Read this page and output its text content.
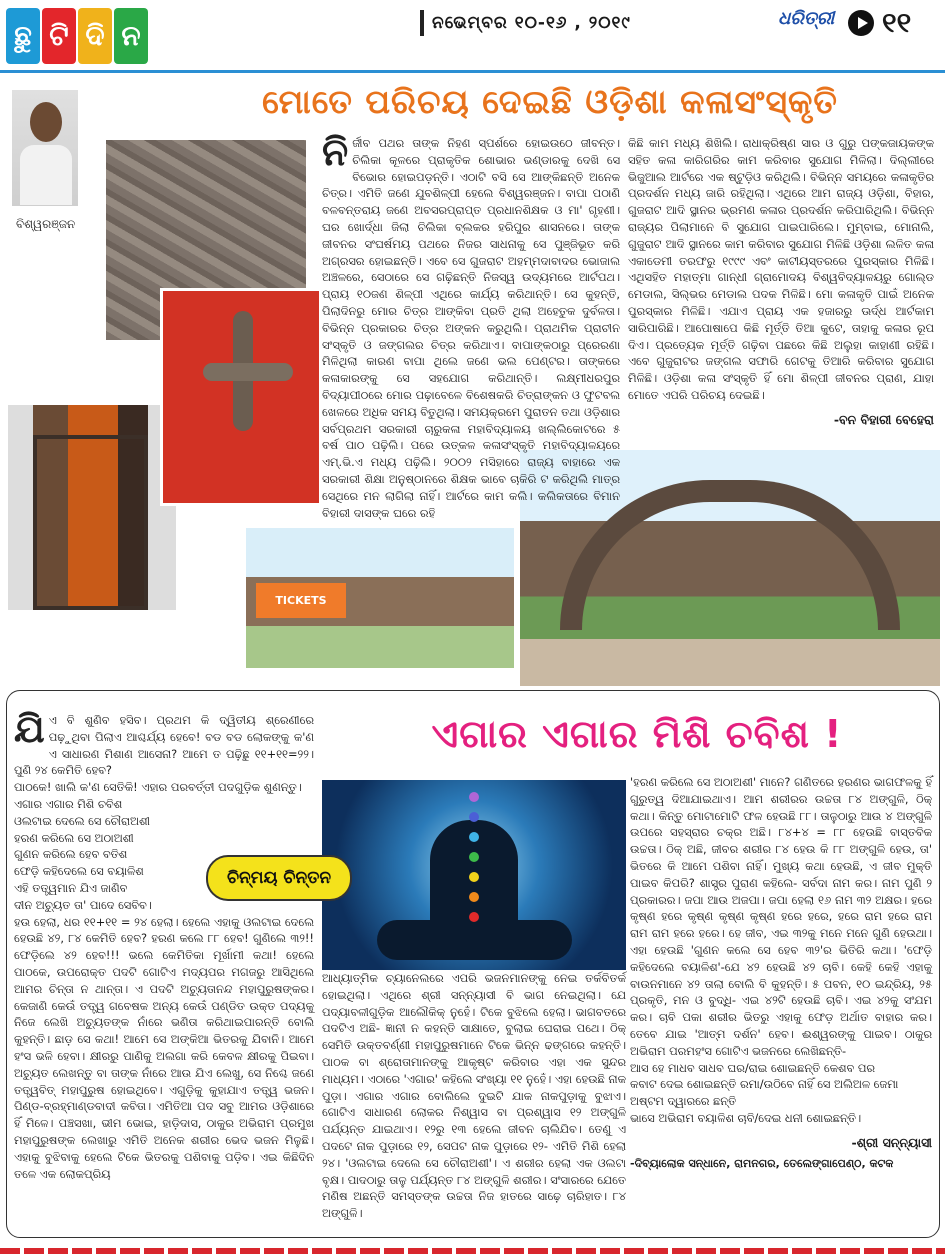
ଛୁ ଟି ଦି ନ	ନଭେମ୍ବର ୧୦-୧୬ , ୨୦୧୯	ଧରିତ୍ରୀ ୧୧
ମୋତେ ପରିଚୟ ଦେଇଛି ଓଡ଼ିଶା କଳାସଂସ୍କୃତି
ବିଶ୍ୱରଞ୍ଜନ
TICKETS
ନିର୍ଜୀବ ପଥର ତାଙ୍କ ନିହଣ ସ୍ପର୍ଶରେ ହୋଇଉଠେ ଜୀବନ୍ତ। ଚିଲିକା କୂଳରେ ପ୍ରାକୃତିକ ଶୋଭାର ଭଣ୍ଡାରକୁ ଦେଖି ସେ ବିଭୋର ହୋଇପଡ଼ନ୍ତି। ଏଠାଟି ବସି ସେ ଆଙ୍କିଛନ୍ତି ଅନେକ ଚିତ୍ର। ଏମିତି ଜଣେ ଯୁବଶିଳ୍ପୀ ହେଲେ ବିଶ୍ୱରଞ୍ଜନ। ବାପା ପଠାଣି ବଳବନ୍ତରାୟ ଜଣେ ଅବସରପ୍ରାପ୍ତ ପ୍ରଧାନଶିକ୍ଷକ ଓ ମା' ଗୃହଣୀ। ଘର ଖୋର୍ଦ୍ଧା ଜିଲା ଚିଲିକା ବ୍ଲକର ହରିପୁର ଶାସନରେ। ତାଙ୍କ ଜୀବନର ସଂଘର୍ଷମୟ ପଥରେ ନିଜର ସାଧନାକୁ ସେ ପୁଞ୍ଜିଭୂତ କରି ଅଗ୍ରସର ହୋଇଛନ୍ତି। ଏବେ ସେ ଗୁଜରାଟ ଅହମ୍ମଦାବାଦର ଭୋଜାଲ ଅଞ୍ଚଳରେ, ସେଠାରେ ସେ ଗଢ଼ିଛନ୍ତି ନିଜସ୍ୱ ଉଦ୍ୟମରେ ଆର୍ଟପଥ। ପ୍ରାୟ ୧୦ଜଣ ଶିଳ୍ପୀ ଏଥିରେ କାର୍ଯ୍ୟ କରିଥାନ୍ତି। ସେ କୁହନ୍ତି, ପିଲାଦିନରୁ ମୋର ଚିତ୍ର ଆଙ୍କିବା ପ୍ରତି ଥିଲା ଅହେତୁକ ଦୁର୍ବଳତା। ବିଭିନ୍ନ ପ୍ରକାରର ଚିତ୍ର ଅଙ୍କନ କରୁଥିଲି। ପ୍ରାଥମିକ ପ୍ରାଚୀନ ସଂସ୍କୃତି ଓ ଜଙ୍ଗଲର ଚିତ୍ର କରିଥାଏ। ବାପାଙ୍କଠାରୁ ପ୍ରେରଣା ମିଳିଥିଲା କାରଣ ବାପା ଥିଲେ ଜଣେ ଭଲ ପେଣ୍ଟର। ତାଙ୍କରେ କଳାକାରଙ୍କୁ ସେ ସହଯୋଗ କରିଥାନ୍ତି। ଲକ୍ଷ୍ମୀଧରପୁର ବିଦ୍ୟାପୀଠରେ ମୋର ପଢ଼ାବେଳେ ବିଶେଷକରି ଚିତ୍ରାଙ୍କନ ଓ ଫୁଟବଲ ଖେଳରେ ଅଧିକ ସମୟ ବିତୁଥିଲା। ସମୟକ୍ରମେ ପୁରାତନ ତଥା ଓଡ଼ିଶାର ସର୍ବପ୍ରଥମ ସରକାରୀ ଚାରୁକଳା ମହାବିଦ୍ୟାଳୟ ଖଲ୍ଲିକୋଟରେ ୫ ବର୍ଷ ପାଠ ପଢ଼ିଲି। ପରେ ଉତ୍କଳ କଳାସଂସ୍କୃତି ମହାବିଦ୍ୟାଳୟରେ ଏମ୍‌.ଭି.ଏ ମଧ୍ୟ ପଢ଼ିଲି। ୨୦୦୨ ମସିହାରେ ରାଜ୍ୟ ବାହାରେ ଏକ ସରକାରୀ ଶିକ୍ଷା ଅନୁଷ୍ଠାନରେ ଶିକ୍ଷକ ଭାବେ ଚାକିରି ଟ କରିଥିଲି ମାତ୍ର ସେଥିରେ ମନ ଲାଗିଲା ନାହିଁ। ଆର୍ଟରେ କାମ କଲି। କଲିକତାରେ ବିମାନ ବିହାରୀ ଦାସଙ୍କ ଘରେ ରହି
କିଛି କାମ ମଧ୍ୟ ଶିଖିଲି। ରାଧାକ୍ରିଷ୍ଣ ସାର ଓ ଗୁରୁ ପଙ୍କଜାୟକଙ୍କ ସହିତ କଳା କାରିଗରିର କାମ କରିବାର ସୁଯୋଗ ମିଳିଲା। ଦିଲ୍ଲୀରେ ଭିଜୁଆଲ ଆର୍ଟରେ ଏକ ଷ୍ଟୁଡ଼ିଓ କରିଥିଲି। ବିଭିନ୍ନ ସମୟରେ କଳାକୃତିର ପ୍ରଦର୍ଶନ ମଧ୍ୟ ଜାରି ରହିଥିଲା। ଏଥିରେ ଆମ ରାଜ୍ୟ ଓଡ଼ିଶା, ବିହାର, ଗୁଜରାଟ ଆଦି ସ୍ଥାନର ଭ୍ରମଣ କଳାର ପ୍ରଦର୍ଶନ କରିପାରିଥିଲି। ବିଭିନ୍ନ ରାଜ୍ୟର ପିଲାମାନେ ବି ସୁଯୋଗ ପାଇପାରିଲେ। ମୁମ୍ବାଇ, ମୋନାଲି, ଗୁଜୁରାଟ ଆଦି ସ୍ଥାନରେ କାମ କରିବାର ସୁଯୋଗ ମିଳିଛି ଓଡ଼ିଶା ଲଳିତ କଳା ଏକାଡେମୀ ତରଫରୁ ୧୯୯୯ ଏବଂ କାଟୀୟସ୍ତରରେ ପୁରସ୍କାର ମିଳିଛି। ଏଥିସହିତ ମହାତ୍ମା ଗାନ୍ଧୀ ଗ୍ରାମୋଦୟ ବିଶ୍ୱବିଦ୍ୟାଳୟରୁ ଗୋଲ୍ଡ ମେଡାଲ, ସିଲ୍ଭର ମେଡାଲ ପଦକ ମିଳିଛି। ମୋ କଳାକୃତି ପାଇଁ ଅନେକ ପୁରସ୍କାର ମିଳିଛି। ଏଯାଏ ପ୍ରାୟ ଏକ ହଜାରରୁ ଊର୍ଦ୍ଧ ଆର୍ଟକାମ ସାରିପାରିଛି। ଆପୋଷାପେ କିଛି ମୂର୍ତ୍ତି ତିଆ କୁଟେ, ତାହାକୁ କଳାର ରୂପ ଦିଏ। ପ୍ରତ୍ୟେକ ମୂର୍ତ୍ତି ଗଢ଼ିବା ପଛରେ କିଛି ଅଲୁହା କାହାଣୀ ରହିଛି। ଏବେ ଗୁଜୁରାଟର ଜଙ୍ଗଲ ସଫାରି ଗେଟକୁ ତିଆରି କରିବାର ସୁଯୋଗ ମିଳିଛି। ଓଡ଼ିଶା କଳା ସଂସ୍କୃତି ହିଁ ମୋ ଶିଳ୍ପୀ ଜୀବନର ପ୍ରାଣ, ଯାହା ମୋତେ ଏପରି ପରିଚୟ ଦେଇଛି।
-ବନ ବିହାରୀ ବେହେରା
ଏଗାର ଏଗାର ମିଶି ଚବିଶ !

ଯିଏ ବି ଶୁଣିବ ହସିବ। ପ୍ରଥମ କି ଦ୍ୱିତୀୟ ଶ୍ରେଣୀରେ ପଢ଼ୁଥିବା ପିଲାଏ ଆଶ୍ଚର୍ଯ୍ୟ ହେବେ! ବଡ ବଡ ଲୋକଙ୍କୁ କ'ଣ ଏ ସାଧାରଣ ମିଶାଣ ଆସେନା? ଆମେ ତ ପଢ଼ିଛୁ ୧୧+୧୧=୨୨। ପୁଣି ୨୪ କେମିତି ହେବ?

ପାଠକେ! ଖାଲି କ'ଣ ସେତିକି! ଏହାର ପରବର୍ତ୍ତୀ ପଦଗୁଡ଼ିକ ଶୁଣନ୍ତୁ।

ଏଗାର ଏଗାର ମିଶି ଚବିଶ

ଓଲଟାଇ ଦେଲେ ସେ ଚୌରାଅଶୀ

ହରଣ କରିଲେ ସେ ଅଠାଅଶୀ

ଗୁଣନ କରିଲେ ହେବ ବତିଶ

ଫେଡ଼ି କହିଦେଲେ ସେ ବୟାଳିଶ

ଏହି ତତ୍ତ୍ୱମାନ ଯିଏ ଜାଣିବ

ଦୀନ ଅଚ୍ୟୁତ ତା' ପାଦେ ସେବିବ।

ହଉ ହେଲା, ଧର ୧୧+୧୧ = ୨୪ ହେଲା। ହେଲେ ଏହାକୁ ଓଲଟାଇ ଦେଲେ ହେଉଛି ୪୨, ୮୪ କେମିତି ହେବ? ହରଣ କଲେ ୮୮ ହେବ! ଗୁଣିଲେ ୩୨!! ଫେଡ଼ିଲେ ୪୨ ହେବ!!! ଭଲେ କେମିତିକା ମୂର୍ଖାମୀ କଥା! ହେଲେ ପାଠକେ, ଉପରୋକ୍ତ ପଦଟି ଗୋଟିଏ ମଦ୍ୟପର ମଗଜରୁ ଆସିଥିଲେ ଆମର ଚିନ୍ତା ନ ଥାନ୍ତା। ଏ ପଦଟି ଅଚ୍ୟୁତାନନ୍ଦ ମହାପୁରୁଷଙ୍କର। କେଜାଣି କେଉଁ ତତ୍ତ୍ୱ ଗବେଷକ ଅନ୍ୟ କେଉଁ ପଣ୍ଡିତ ଉକ୍ତ ପଦ୍ୟକୁ ନିଜେ ଲେଖି ଅଚ୍ୟୁତଙ୍କ ନାଁରେ ଭଣିତା କରିଥାଇପାରନ୍ତି ବୋଲି କୁହନ୍ତି। ଛାଡ଼ ସେ କଥା! ଆମେ ସେ ଅଙ୍କିଆ ଭିତରକୁ ଯିବାନି। ଆମେ ହଂସ ଭଳି ହେବା। କ୍ଷୀରରୁ ପାଣିକୁ ଅଲଗା କରି କେବଳ କ୍ଷୀରକୁ ପିଇବା। ଅଚ୍ୟୁତ ଲେଖନ୍ତୁ ବା ତାଙ୍କ ନାଁରେ ଆଉ ଯିଏ ଲେଖୁ, ସେ ନିଶ୍ଚେ ଜଣେ ତତ୍ତ୍ୱବିତ୍ ମହାପୁରୁଷ ହୋଇଥିବେ। ଏଗୁଡ଼ିକୁ କୁହାଯାଏ ତତ୍ତ୍ୱ ଭଜନ। ପିଣ୍ଡ-ବ୍ରହ୍ମାଣ୍ଡବାଦୀ କବିତା। ଏମିତିଆ ପଦ ସବୁ ଆମର ଓଡ଼ିଶାରେ ହିଁ ମିଳେ। ପଞ୍ଚସଖା, ଭୀମ ଭୋଇ, ହାଡ଼ିଦାସ, ଠାକୁର ଅଭିରାମ ପ୍ରମୁଖ ମହାପୁରୁଷଙ୍କ ଲେଖାରୁ ଏମିତି ଅନେକ ଶରୀର ଭେଦ ଭଜନ ମିଳୁଛି। ଏହାକୁ ବୁଝିବାକୁ ହେଲେ ଟିକେ ଭିତରକୁ ପଶିବାକୁ ପଡ଼ିବ। ଏଇ କିଛିଦିନ ତଳେ ଏକ ଲୋକପ୍ରିୟ

ଚିନ୍ମୟ ଚିନ୍ତନ
ଆଧ୍ୟାତ୍ମିକ ଚ୍ୟାନେଲରେ ଏପରି ଭଜନମାନଙ୍କୁ ନେଇ ତର୍କବିତର୍କ ହୋଇଥିଲା। ଏଥିରେ ଶ୍ରୀ ସନ୍ନ୍ୟାସୀ ବି ଭାଗ ନେଇଥିଲା। ଯେ ପଦ୍ୟାବଳୀଗୁଡ଼ିକ ଆଲୌକିକ୍ ନୁହେଁ। ଟିକେ ବୁଝିଲେ ହେଲା। ଭାଗବତରେ ପଦଟିଏ ଅଛି- ଜ୍ଞାନୀ ନ କହନ୍ତି ସାକ୍ଷାତେ, ବୁଲାଇ ଘେରାଇ ପଥେ। ଠିକ୍ ସେମିତି ଉକ୍ତବର୍ଣ୍ଣୀ ମହାପୁରୁଷମାନେ ଟିକେ ଭିନ୍ନ ଢଙ୍ଗରେ କହନ୍ତି। ପାଠକ ବା ଶ୍ରୋତାମାନଙ୍କୁ ଆକୃଷ୍ଟ କରିବାର ଏହା ଏକ ସୁନ୍ଦର ମାଧ୍ୟମ। ଏଠାରେ 'ଏଗାର' କହିଲେ ସଂଖ୍ୟା ୧୧ ନୁହେଁ। ଏହା ହେଉଛି ନାକ ପୁଡ଼ା। ଏଗାର ଏଗାର ବୋଲିଲେ ଦୁଇଟି ଯାକ ନାକପୁଡ଼ାକୁ ବୁଝାଏ। ଗୋଟିଏ ସାଧାରଣ ଲୋକର ନିଶ୍ୱାସ ବା ପ୍ରଶ୍ୱାସ ୧୨ ଅଙ୍ଗୁଳି ପର୍ଯ୍ୟନ୍ତ ଯାଇଥାଏ। ୧୨ରୁ ୧୩ ହେଲେ ଜୀବନ ଚାଲିଯିବ। ତେଣୁ ଏ ପଦଟେ ନାକ ପୁଡ଼ାରେ ୧୨, ସେପଟ ନାକ ପୁଡ଼ାରେ ୧୨- ଏମିତି ମିଶି ହେଲା ୨୪। 'ଓଲଟାଇ ଦେଲେ ସେ ଚୌରାଅଶୀ'। ଏ ଶରୀର ହେଲା ଏକ ଓଲଟା ବୃକ୍ଷ। ପାଦଠାରୁ ତାଳୁ ପର୍ଯ୍ୟନ୍ତ ୮୪ ଅଙ୍ଗୁଳି ଶରୀର। ସଂସାରରେ ଯେତେ ମଣିଷ ଅଛନ୍ତି ସମସ୍ତଙ୍କ ଉଚ୍ଚତା ନିଜ ହାତରେ ସାଢ଼େ ଚାରିହାତ। ୮୪ ଅଙ୍ଗୁଳି।

'ହରଣ କରିଲେ ସେ ଅଠାଅଶୀ' ମାନେ? ଗଣିତରେ ହରଣର ଭାଗଫଳକୁ ହିଁ ଗୁରୁତ୍ୱ ଦିଆଯାଇଥାଏ। ଆମ ଶରୀରର ଉଚ୍ଚତା ୮୪ ଅଙ୍ଗୁଳି, ଠିକ୍ କଥା। କିନ୍ତୁ ମୋଟାମୋଟି ଫଳ ହେଉଛି ୮୮। ତାଳୁଠାରୁ ଆଉ ୪ ଅଙ୍ଗୁଳି ଉପରେ ସହସ୍ରାର ଚକ୍ର ଅଛି। ୮୪+୪ = ୮୮ ହେଉଛି ବାସ୍ତବିକ ଉଚ୍ଚତା। ଠିକ୍ ଅଛି, ଜୀବର ଶରୀର ୮୪ ହେଉ କି ୮୮ ଅଙ୍ଗୁଳି ହେଉ, ତା' ଭିତରେ କି ଆମେ ପଶିବା ନାହିଁ। ମୁଖ୍ୟ କଥା ହେଉଛି, ଏ ଜୀବ ମୁକ୍ତି ପାଇବ କିପରି? ଶାସ୍ତ୍ର ପୁରାଣ କହିଲେ- ସର୍ବଦା ନାମ କର। ନାମ ପୁଣି ୨ ପ୍ରକାରର। ଜପା ଆଉ ଅଜପା। ଜପା ହେଲା ୧୬ ନାମ ୩୨ ଅକ୍ଷର। ହରେ କୃଷ୍ଣ ହରେ କୃଷ୍ଣ କୃଷ୍ଣ କୃଷ୍ଣ ହରେ ହରେ, ହରେ ରାମ ହରେ ରାମ ରାମ ରାମ ହରେ ହରେ। ହେ ଜୀବ, ଏଇ ୩୨କୁ ମନେ ମନେ ଗୁଣି ହେଉଥା। ଏହା ହେଉଛି 'ଗୁଣନ କଲେ ସେ ହେବ ୩୨'ର ଭିତିରି କଥା। 'ଫେଡ଼ି କହିଦେଲେ ବୟାଳିଶ'-ଯେ ୪୨ ହେଉଛି ୪୨ ଚାବି। କେହି କେହି ଏହାକୁ ବାଉନମାନେ ୪୨ ତାଲା ବୋଲି ବି କୁହନ୍ତି। ୫ ପବନ, ୧୦ ଇନ୍ଦ୍ରିୟ, ୨୫ ପ୍ରକୃତି, ମନ ଓ ବୁଦ୍ଧି- ଏଇ ୪୨ଟି ହେଉଛି ଚାବି। ଏଇ ୪୨କୁ ସଂଯମ କର। ଚାବି ପକା ଶରୀର ଭିତରୁ ଏହାକୁ ଫେଡ଼ ଅର୍ଥାତ ବାହାର କର। ତେବେ ଯାଇ 'ଆତ୍ମ ଦର୍ଶନ' ହେବ। ଈଶ୍ୱରଙ୍କୁ ପାଇବ। ଠାକୁର ଅଭିରାମ ପରମହଂସ ଗୋଟିଏ ଭଜନରେ ଲେଖିଛନ୍ତି-

ଆସ ହେ ମାଧବ ସାଧବ ଘର/ରାଇ ଶୋଇଛନ୍ତି କେଶବ ପର

କବାଟ ଦେଇ ଶୋଇଛନ୍ତି ରମା/ଉଠିବେ ନାହିଁ ସେ ଅଲିଅଳ ଜେମା

ଅଷ୍ଟମ ଦ୍ୱାରରେ ଛନ୍ତି

ଭାସେ ଅଭିରାମ ବୟାଳିଶ ଚାବି/ଦେଇ ଧନୀ ଶୋଇଛନ୍ତି।

-ଶ୍ରୀ ସନ୍ନ୍ୟାସୀ

-ଦିବ୍ୟାଲୋକ ସନ୍ଧାନେ, ରାମନଗର, ତେଲେଙ୍ଗାପେଣ୍ଠ, କଟକ
